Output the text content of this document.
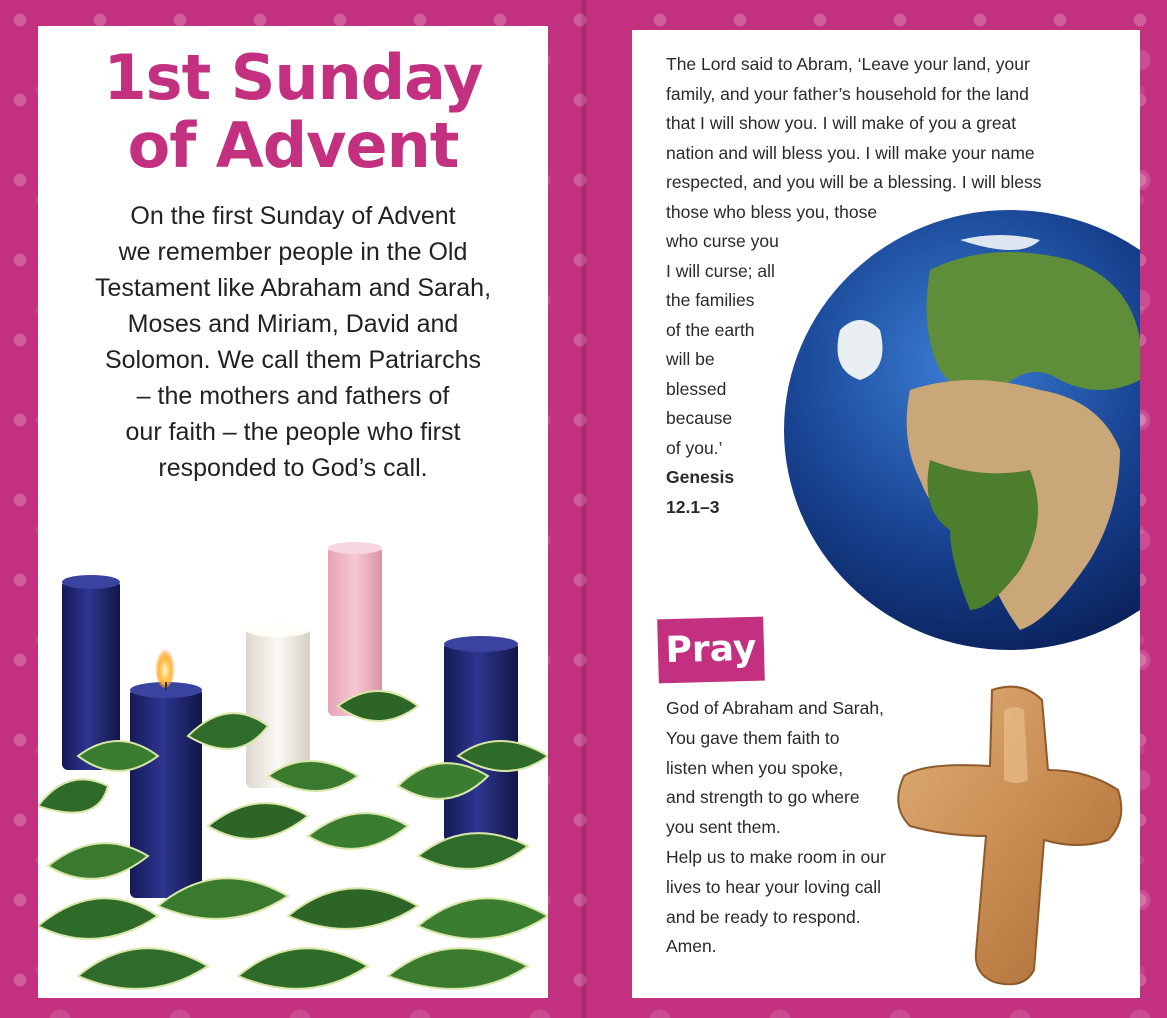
1st Sunday
of Advent

On the first Sunday of Advent
we remember people in the Old
Testament like Abraham and Sarah,
Moses and Miriam, David and
Solomon. We call them Patriarchs
– the mothers and fathers of
our faith – the people who first
responded to God’s call.

The Lord said to Abram, ‘Leave your land, your
family, and your father’s household for the land
that I will show you. I will make of you a great
nation and will bless you. I will make your name
respected, and you will be a blessing. I will bless
those who bless you, those
who curse you
I will curse; all
the families
of the earth
will be
blessed
because
of you.’
Genesis
12.1–3
Pray
God of Abraham and Sarah,
You gave them faith to
listen when you spoke,
and strength to go where
you sent them.
Help us to make room in our
lives to hear your loving call
and be ready to respond.
Amen.
